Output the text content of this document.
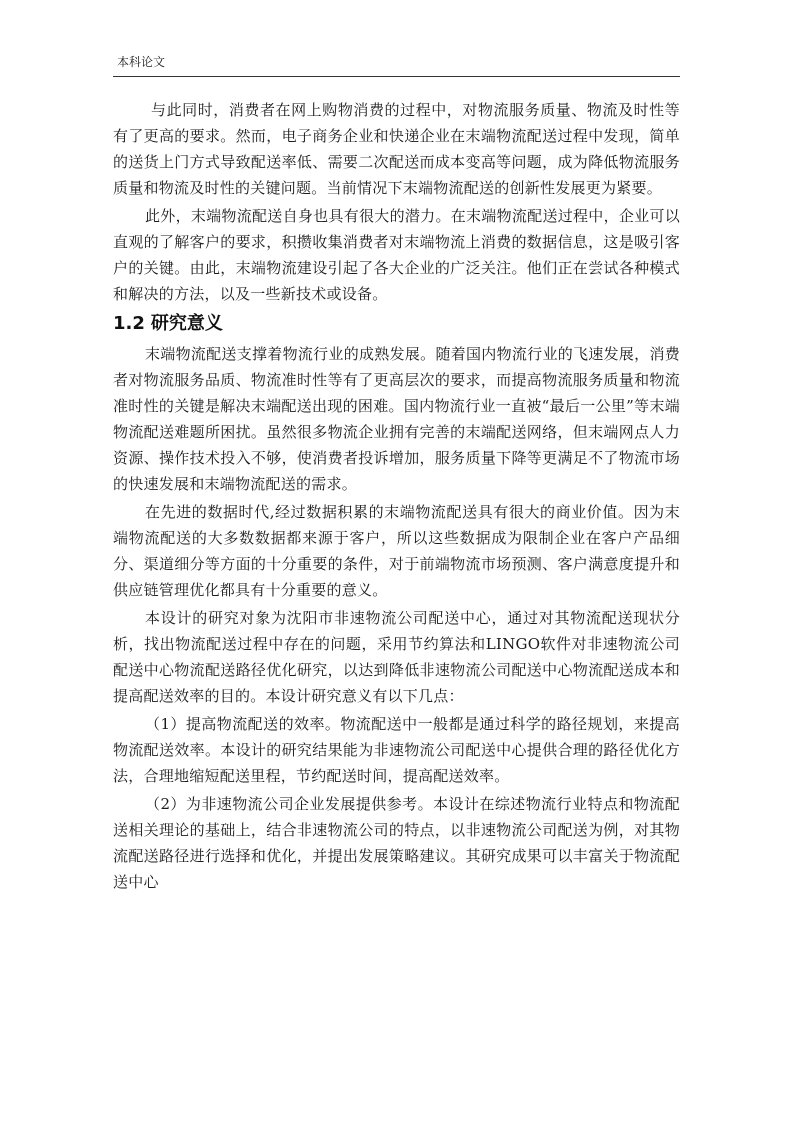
本科论文

与此同时，消费者在网上购物消费的过程中，对物流服务质量、物流及时性等有了更高的要求。然而，电子商务企业和快递企业在末端物流配送过程中发现，简单的送货上门方式导致配送率低、需要二次配送而成本变高等问题，成为降低物流服务质量和物流及时性的关键问题。当前情况下末端物流配送的创新性发展更为紧要。

此外，末端物流配送自身也具有很大的潜力。在末端物流配送过程中，企业可以直观的了解客户的要求，积攒收集消费者对末端物流上消费的数据信息，这是吸引客户的关键。由此，末端物流建设引起了各大企业的广泛关注。他们正在尝试各种模式和解决的方法，以及一些新技术或设备。

1.2 研究意义

末端物流配送支撑着物流行业的成熟发展。随着国内物流行业的飞速发展，消费者对物流服务品质、物流准时性等有了更高层次的要求，而提高物流服务质量和物流准时性的关键是解决末端配送出现的困难。国内物流行业一直被“最后一公里”等末端物流配送难题所困扰。虽然很多物流企业拥有完善的末端配送网络，但末端网点人力资源、操作技术投入不够，使消费者投诉增加，服务质量下降等更满足不了物流市场的快速发展和末端物流配送的需求。

在先进的数据时代,经过数据积累的末端物流配送具有很大的商业价值。因为末端物流配送的大多数数据都来源于客户，所以这些数据成为限制企业在客户产品细分、渠道细分等方面的十分重要的条件，对于前端物流市场预测、客户满意度提升和供应链管理优化都具有十分重要的意义。

本设计的研究对象为沈阳市非速物流公司配送中心，通过对其物流配送现状分析，找出物流配送过程中存在的问题，采用节约算法和LINGO软件对非速物流公司配送中心物流配送路径优化研究，以达到降低非速物流公司配送中心物流配送成本和提高配送效率的目的。本设计研究意义有以下几点：

（1）提高物流配送的效率。物流配送中一般都是通过科学的路径规划，来提高物流配送效率。本设计的研究结果能为非速物流公司配送中心提供合理的路径优化方法，合理地缩短配送里程，节约配送时间，提高配送效率。

（2）为非速物流公司企业发展提供参考。本设计在综述物流行业特点和物流配送相关理论的基础上，结合非速物流公司的特点，以非速物流公司配送为例，对其物流配送路径进行选择和优化，并提出发展策略建议。其研究成果可以丰富关于物流配送中心
